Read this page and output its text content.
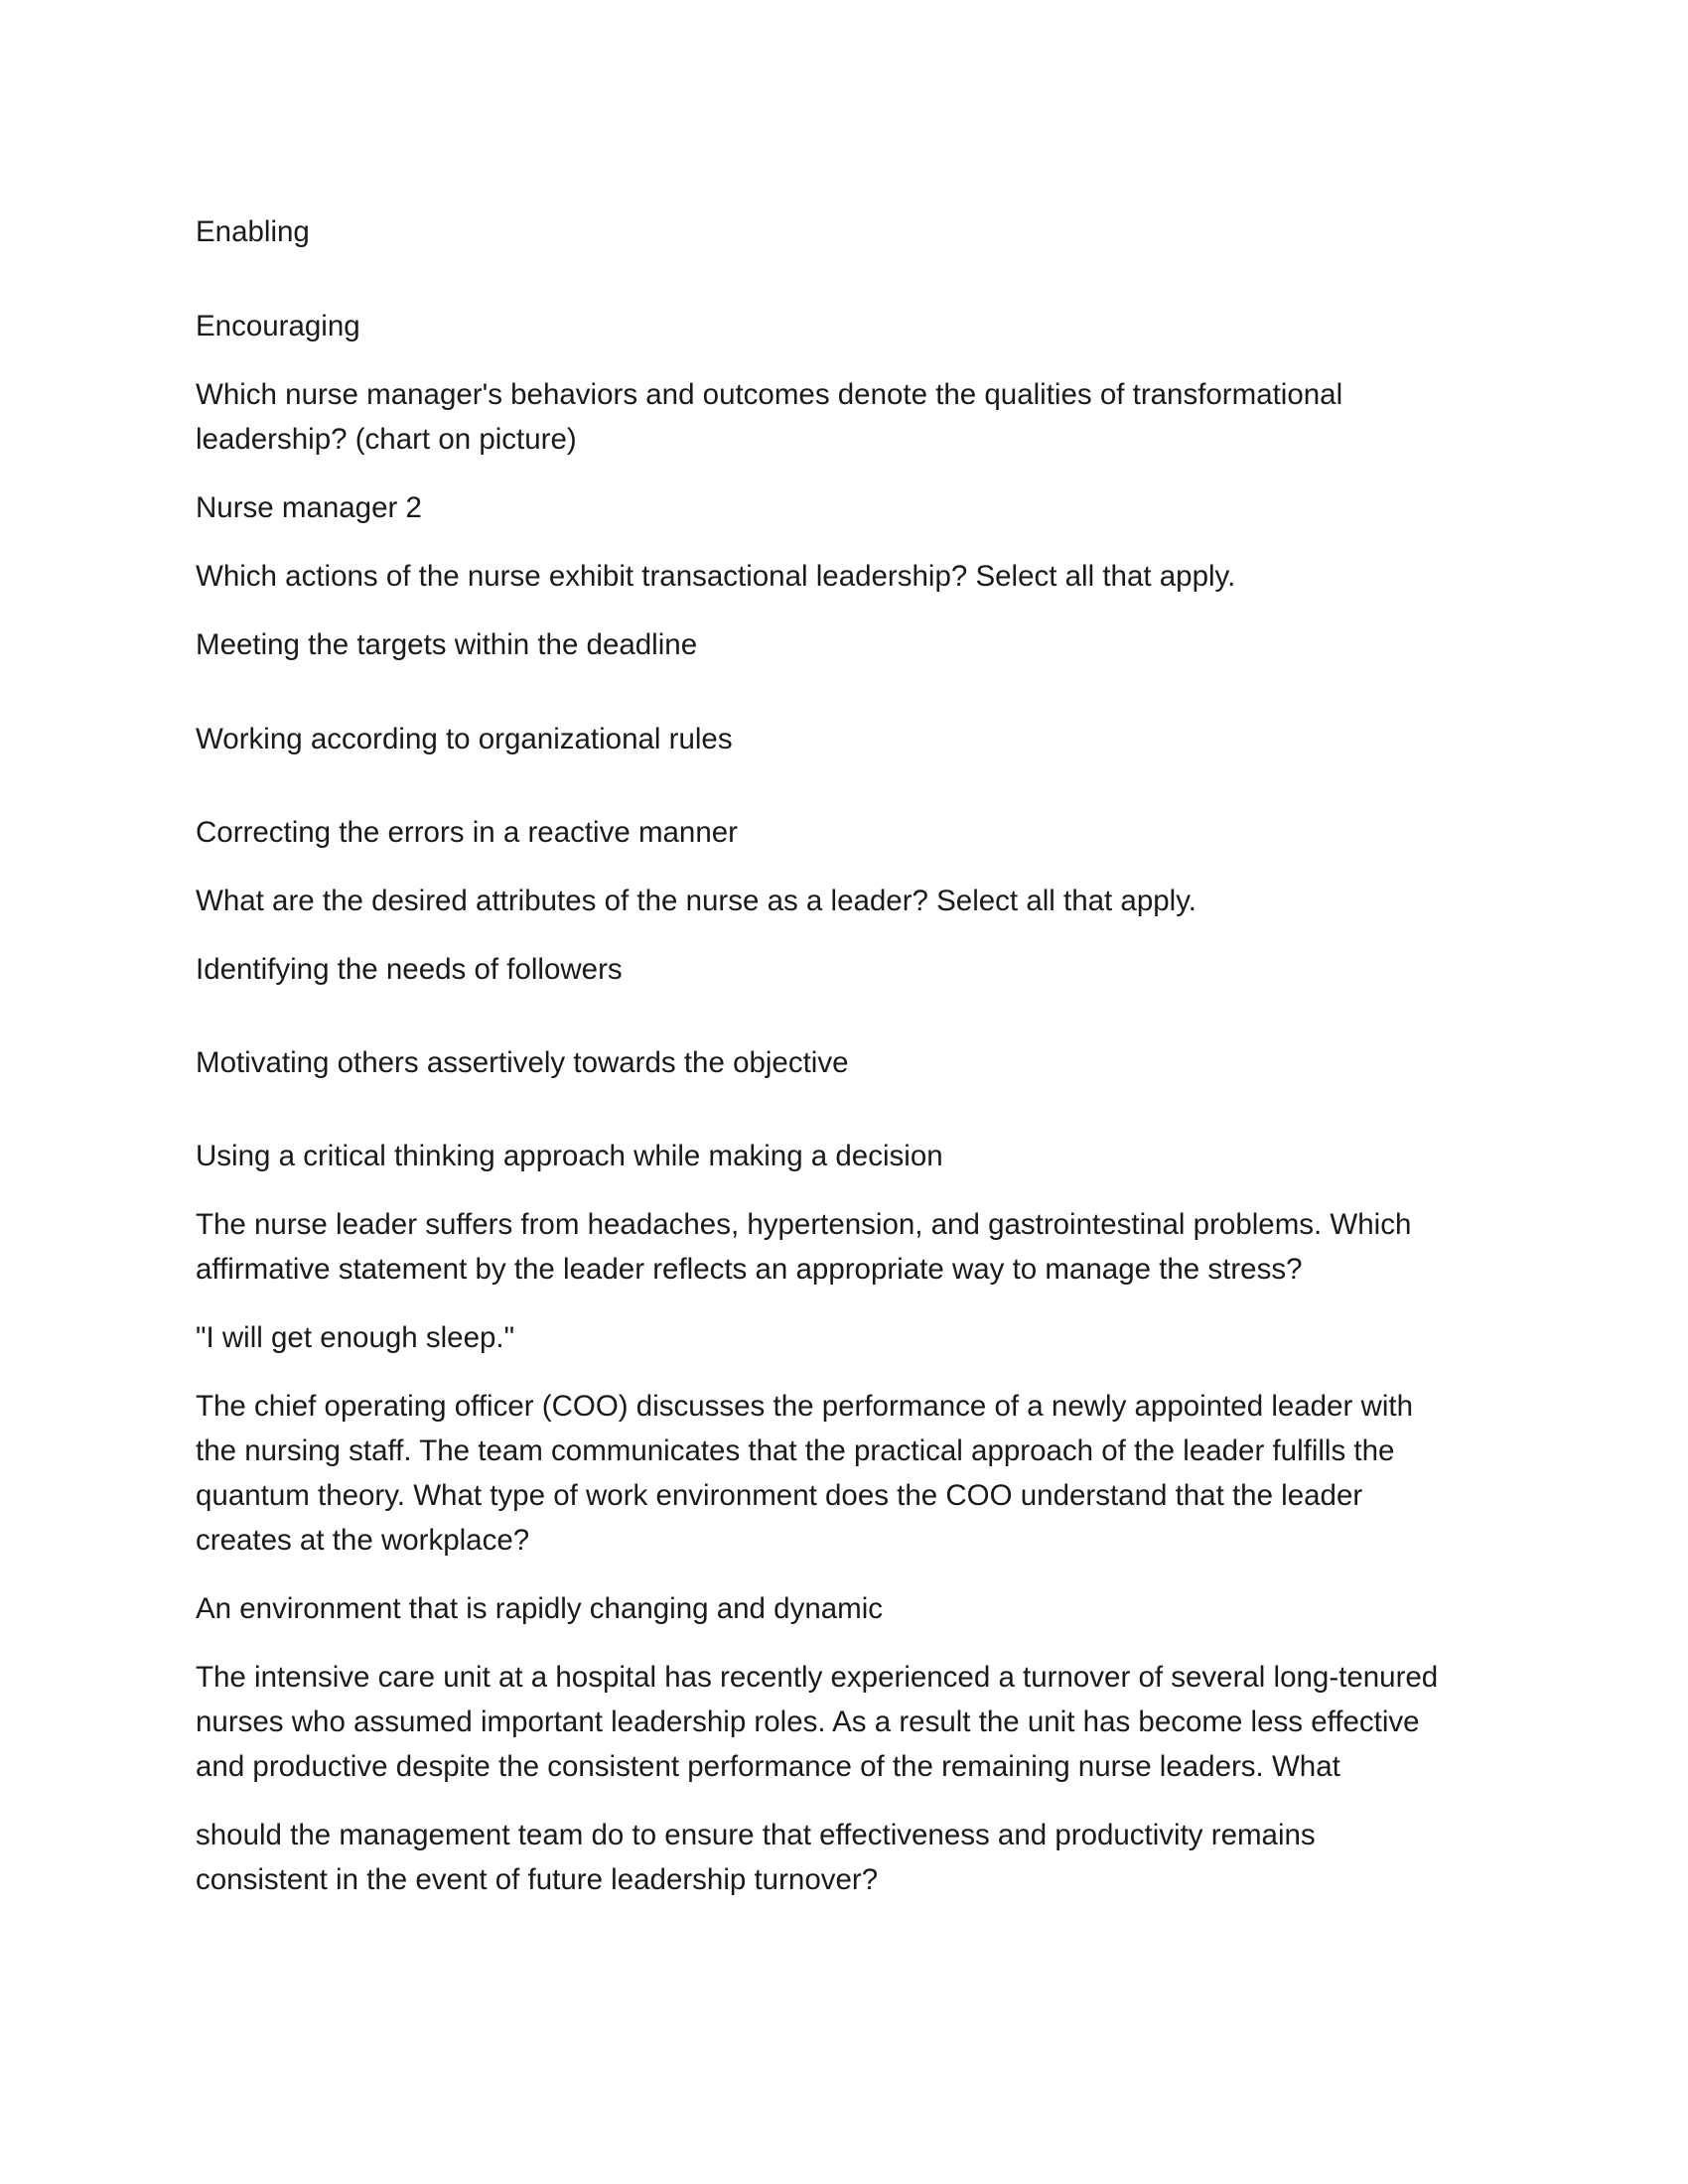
Enabling

Encouraging

Which nurse manager's behaviors and outcomes denote the qualities of transformational

leadership? (chart on picture)

Nurse manager 2

Which actions of the nurse exhibit transactional leadership? Select all that apply.

Meeting the targets within the deadline

Working according to organizational rules

Correcting the errors in a reactive manner

What are the desired attributes of the nurse as a leader? Select all that apply.

Identifying the needs of followers

Motivating others assertively towards the objective

Using a critical thinking approach while making a decision

The nurse leader suffers from headaches, hypertension, and gastrointestinal problems. Which

affirmative statement by the leader reflects an appropriate way to manage the stress?

"I will get enough sleep."

The chief operating officer (COO) discusses the performance of a newly appointed leader with

the nursing staff. The team communicates that the practical approach of the leader fulfills the

quantum theory. What type of work environment does the COO understand that the leader

creates at the workplace?

An environment that is rapidly changing and dynamic

The intensive care unit at a hospital has recently experienced a turnover of several long-tenured

nurses who assumed important leadership roles. As a result the unit has become less effective

and productive despite the consistent performance of the remaining nurse leaders. What

should the management team do to ensure that effectiveness and productivity remains

consistent in the event of future leadership turnover?
